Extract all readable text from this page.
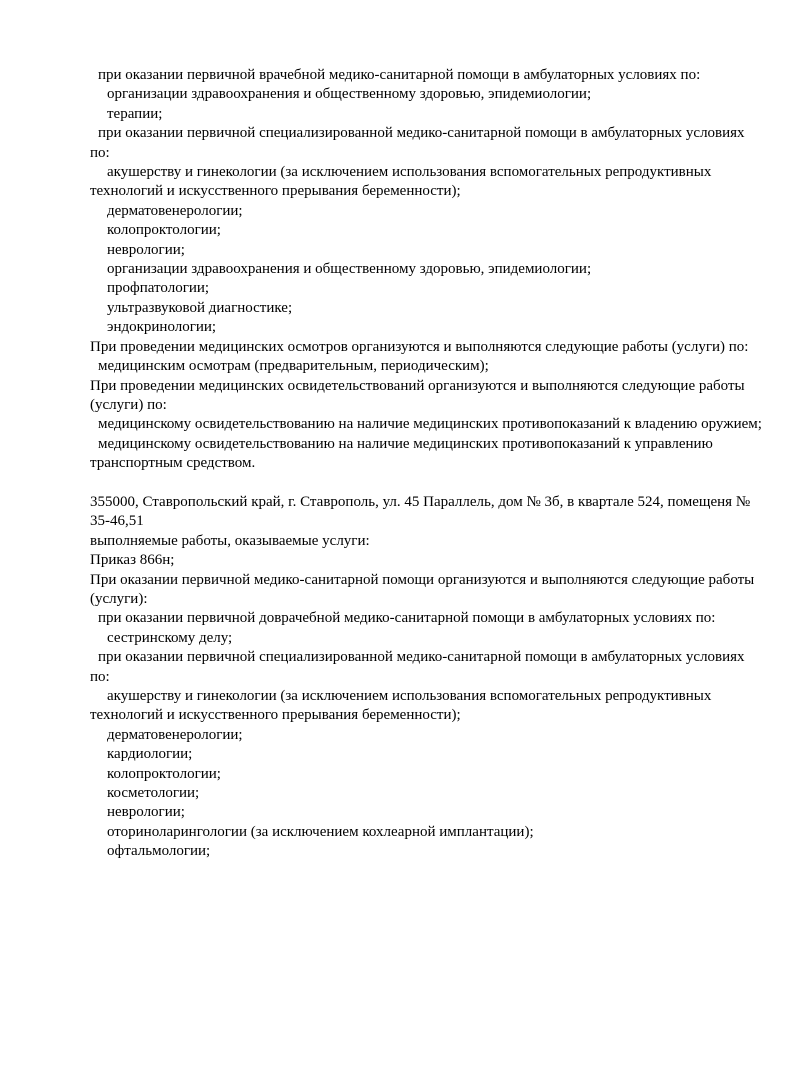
при оказании первичной врачебной медико-санитарной помощи в амбулаторных условиях по:

организации здравоохранения и общественному здоровью, эпидемиологии;

терапии;

при оказании первичной специализированной медико-санитарной помощи в амбулаторных условиях по:

акушерству и гинекологии (за исключением использования вспомогательных репродуктивных технологий и искусственного прерывания беременности);

дерматовенерологии;

колопроктологии;

неврологии;

организации здравоохранения и общественному здоровью, эпидемиологии;

профпатологии;

ультразвуковой диагностике;

эндокринологии;

При проведении медицинских осмотров организуются и выполняются следующие работы (услуги) по:

медицинским осмотрам (предварительным, периодическим);

При проведении медицинских освидетельствований организуются и выполняются следующие работы (услуги) по:

медицинскому освидетельствованию на наличие медицинских противопоказаний к владению оружием;

медицинскому освидетельствованию на наличие медицинских противопоказаний к управлению транспортным средством.

355000, Ставропольский край, г. Ставрополь, ул. 45 Параллель, дом № 3б, в квартале 524, помещеня № 35-46,51

выполняемые работы, оказываемые услуги:

Приказ 866н;

При оказании первичной медико-санитарной помощи организуются и выполняются следующие работы (услуги):

при оказании первичной доврачебной медико-санитарной помощи в амбулаторных условиях по:

сестринскому делу;

при оказании первичной специализированной медико-санитарной помощи в амбулаторных условиях по:

акушерству и гинекологии (за исключением использования вспомогательных репродуктивных технологий и искусственного прерывания беременности);

дерматовенерологии;

кардиологии;

колопроктологии;

косметологии;

неврологии;

оториноларингологии (за исключением кохлеарной имплантации);

офтальмологии;
